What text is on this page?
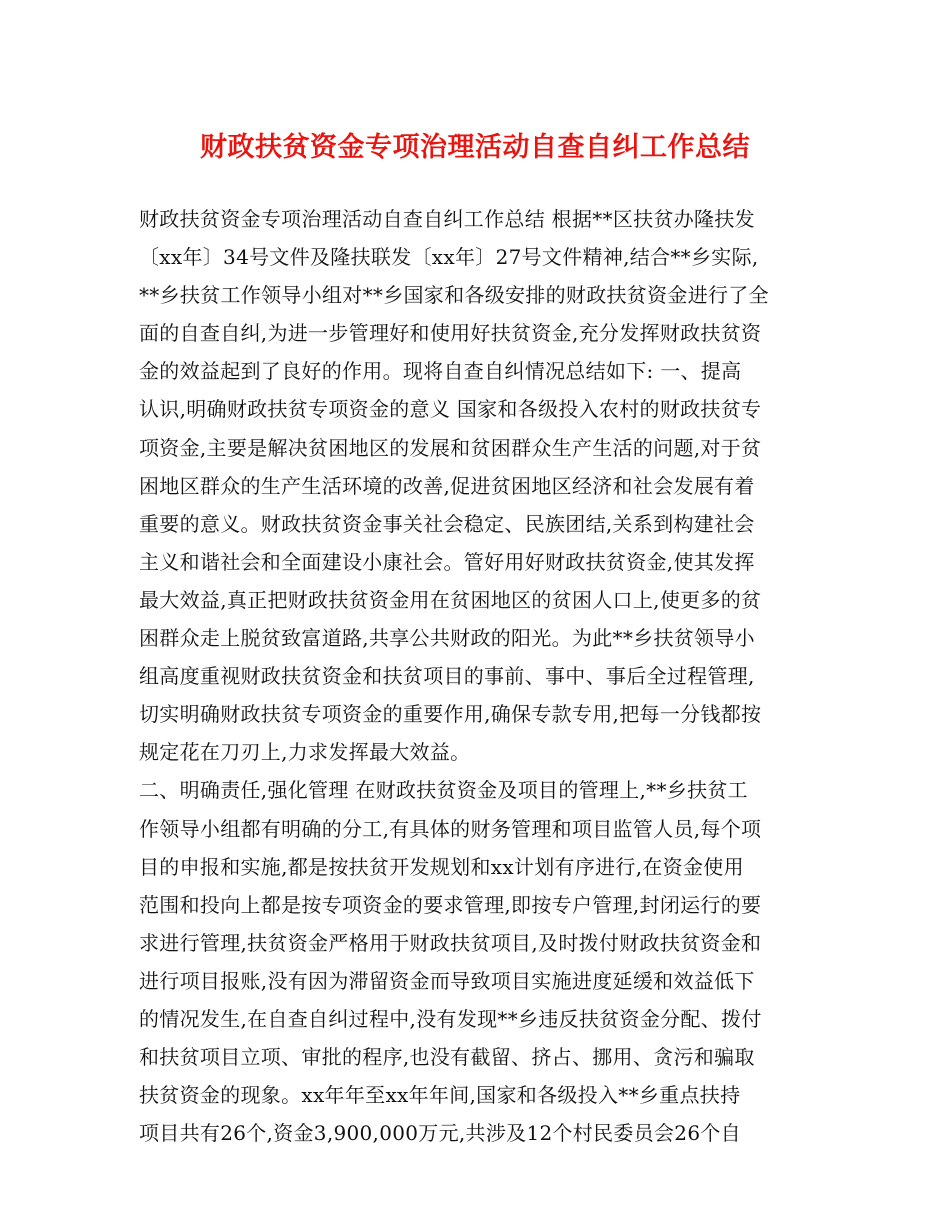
财政扶贫资金专项治理活动自查自纠工作总结
财政扶贫资金专项治理活动自查自纠工作总结 根据**区扶贫办隆扶发
〔xx年〕34号文件及隆扶联发〔xx年〕27号文件精神,结合**乡实际,
**乡扶贫工作领导小组对**乡国家和各级安排的财政扶贫资金进行了全
面的自查自纠,为进一步管理好和使用好扶贫资金,充分发挥财政扶贫资
金的效益起到了良好的作用。现将自查自纠情况总结如下: 一、提高
认识,明确财政扶贫专项资金的意义 国家和各级投入农村的财政扶贫专
项资金,主要是解决贫困地区的发展和贫困群众生产生活的问题,对于贫
困地区群众的生产生活环境的改善,促进贫困地区经济和社会发展有着
重要的意义。财政扶贫资金事关社会稳定、民族团结,关系到构建社会
主义和谐社会和全面建设小康社会。管好用好财政扶贫资金,使其发挥
最大效益,真正把财政扶贫资金用在贫困地区的贫困人口上,使更多的贫
困群众走上脱贫致富道路,共享公共财政的阳光。为此**乡扶贫领导小
组高度重视财政扶贫资金和扶贫项目的事前、事中、事后全过程管理,
切实明确财政扶贫专项资金的重要作用,确保专款专用,把每一分钱都按
规定花在刀刃上,力求发挥最大效益。
二、明确责任,强化管理 在财政扶贫资金及项目的管理上,**乡扶贫工
作领导小组都有明确的分工,有具体的财务管理和项目监管人员,每个项
目的申报和实施,都是按扶贫开发规划和xx计划有序进行,在资金使用
范围和投向上都是按专项资金的要求管理,即按专户管理,封闭运行的要
求进行管理,扶贫资金严格用于财政扶贫项目,及时拨付财政扶贫资金和
进行项目报账,没有因为滞留资金而导致项目实施进度延缓和效益低下
的情况发生,在自查自纠过程中,没有发现**乡违反扶贫资金分配、拨付
和扶贫项目立项、审批的程序,也没有截留、挤占、挪用、贪污和骗取
扶贫资金的现象。xx年年至xx年年间,国家和各级投入**乡重点扶持
项目共有26个,资金3,900,000万元,共涉及12个村民委员会26个自
